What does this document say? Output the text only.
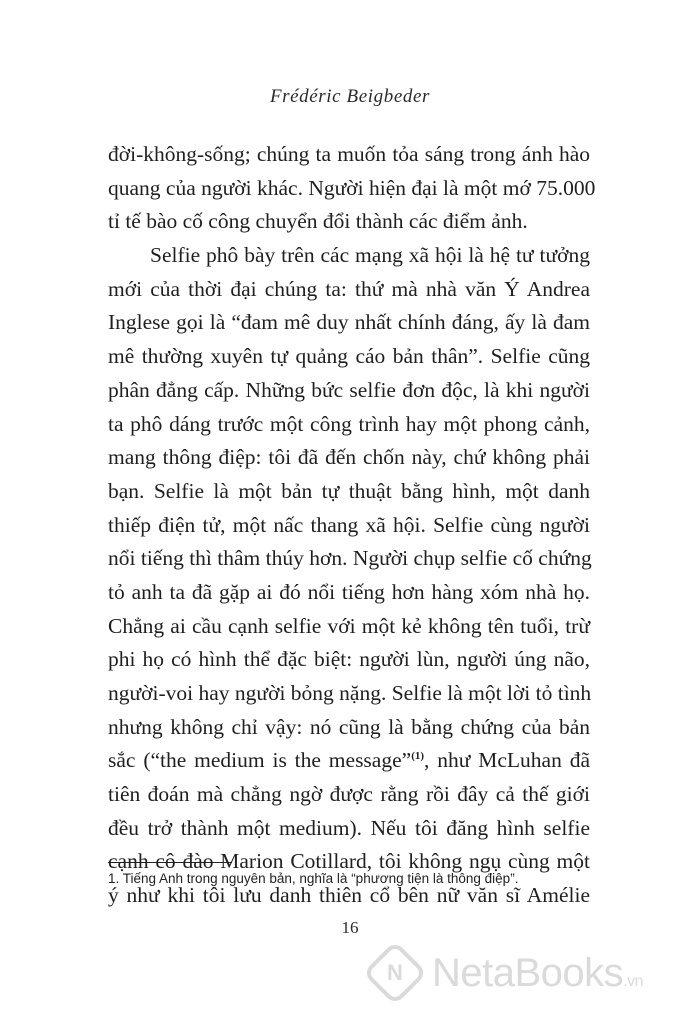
Frédéric Beigbeder
đời-không-sống; chúng ta muốn tỏa sáng trong ánh hào
quang của người khác. Người hiện đại là một mớ 75.000
tỉ tế bào cố công chuyển đổi thành các điểm ảnh.
Selfie phô bày trên các mạng xã hội là hệ tư tưởng
mới của thời đại chúng ta: thứ mà nhà văn Ý Andrea
Inglese gọi là “đam mê duy nhất chính đáng, ấy là đam
mê thường xuyên tự quảng cáo bản thân”. Selfie cũng
phân đẳng cấp. Những bức selfie đơn độc, là khi người
ta phô dáng trước một công trình hay một phong cảnh,
mang thông điệp: tôi đã đến chốn này, chứ không phải
bạn. Selfie là một bản tự thuật bằng hình, một danh
thiếp điện tử, một nấc thang xã hội. Selfie cùng người
nổi tiếng thì thâm thúy hơn. Người chụp selfie cố chứng
tỏ anh ta đã gặp ai đó nổi tiếng hơn hàng xóm nhà họ.
Chẳng ai cầu cạnh selfie với một kẻ không tên tuổi, trừ
phi họ có hình thể đặc biệt: người lùn, người úng não,
người-voi hay người bỏng nặng. Selfie là một lời tỏ tình
nhưng không chỉ vậy: nó cũng là bằng chứng của bản
sắc (“the medium is the message”$^{(1)}$, như McLuhan đã
tiên đoán mà chẳng ngờ được rằng rồi đây cả thế giới
đều trở thành một medium). Nếu tôi đăng hình selfie
cạnh cô đào Marion Cotillard, tôi không ngụ cùng một
ý như khi tôi lưu danh thiên cổ bên nữ văn sĩ Amélie
1. Tiếng Anh trong nguyên bản, nghĩa là “phương tiện là thông điệp”.
16
N NetaBooks.vn
